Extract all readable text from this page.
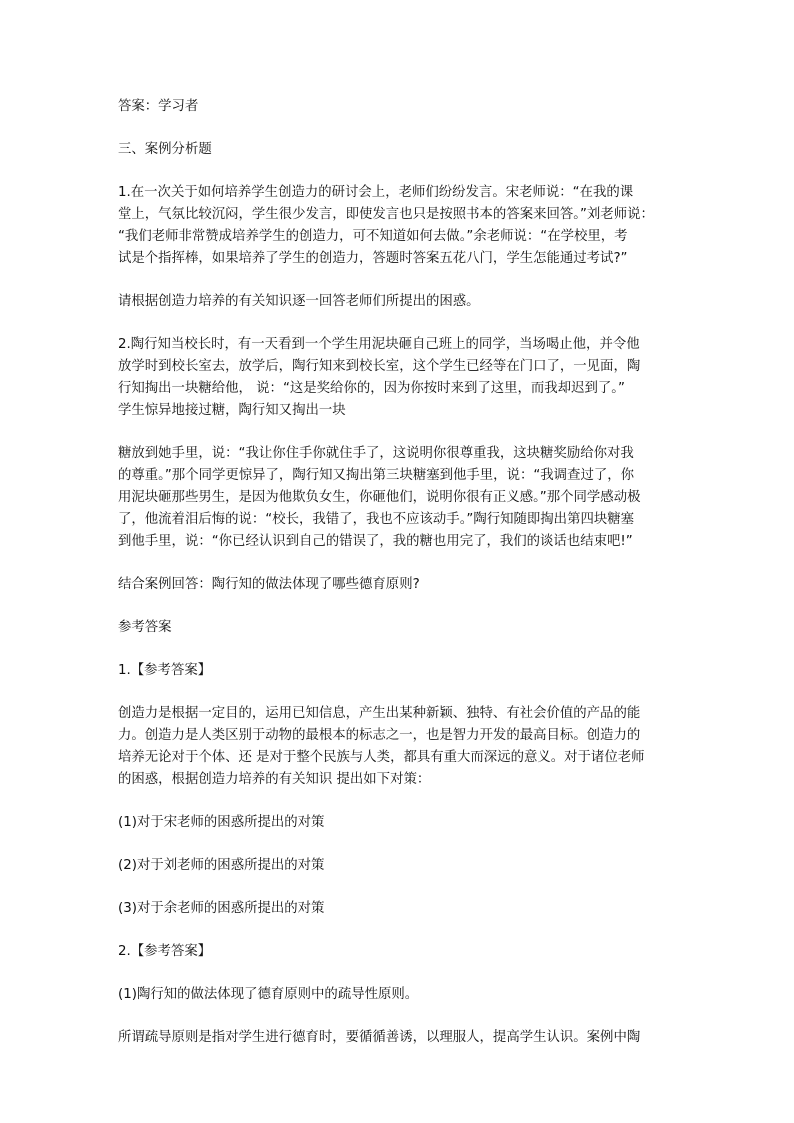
答案：学习者
三、案例分析题
1.在一次关于如何培养学生创造力的研讨会上，老师们纷纷发言。宋老师说：“在我的课
堂上，气氛比较沉闷，学生很少发言，即使发言也只是按照书本的答案来回答。”刘老师说：
“我们老师非常赞成培养学生的创造力，可不知道如何去做。”余老师说：“在学校里，考
试是个指挥棒，如果培养了学生的创造力，答题时答案五花八门，学生怎能通过考试?”
请根据创造力培养的有关知识逐一回答老师们所提出的困惑。
2.陶行知当校长时，有一天看到一个学生用泥块砸自己班上的同学，当场喝止他，并令他
放学时到校长室去，放学后，陶行知来到校长室，这个学生已经等在门口了，一见面，陶
行知掏出一块糖给他， 说：“这是奖给你的，因为你按时来到了这里，而我却迟到了。”
学生惊异地接过糖，陶行知又掏出一块
糖放到她手里，说：“我让你住手你就住手了，这说明你很尊重我，这块糖奖励给你对我
的尊重。”那个同学更惊异了，陶行知又掏出第三块糖塞到他手里，说：“我调查过了，你
用泥块砸那些男生，是因为他欺负女生，你砸他们，说明你很有正义感。”那个同学感动极
了，他流着泪后悔的说：“校长，我错了，我也不应该动手。”陶行知随即掏出第四块糖塞
到他手里，说：“你已经认识到自己的错误了，我的糖也用完了，我们的谈话也结束吧!”
结合案例回答：陶行知的做法体现了哪些德育原则?
参考答案
1.【参考答案】
创造力是根据一定目的，运用已知信息，产生出某种新颖、独特、有社会价值的产品的能
力。创造力是人类区别于动物的最根本的标志之一，也是智力开发的最高目标。创造力的
培养无论对于个体、还 是对于整个民族与人类，都具有重大而深远的意义。对于诸位老师
的困惑，根据创造力培养的有关知识 提出如下对策：
(1)对于宋老师的困惑所提出的对策
(2)对于刘老师的困惑所提出的对策
(3)对于余老师的困惑所提出的对策
2.【参考答案】
(1)陶行知的做法体现了德育原则中的疏导性原则。
所谓疏导原则是指对学生进行德育时，要循循善诱，以理服人，提高学生认识。案例中陶
